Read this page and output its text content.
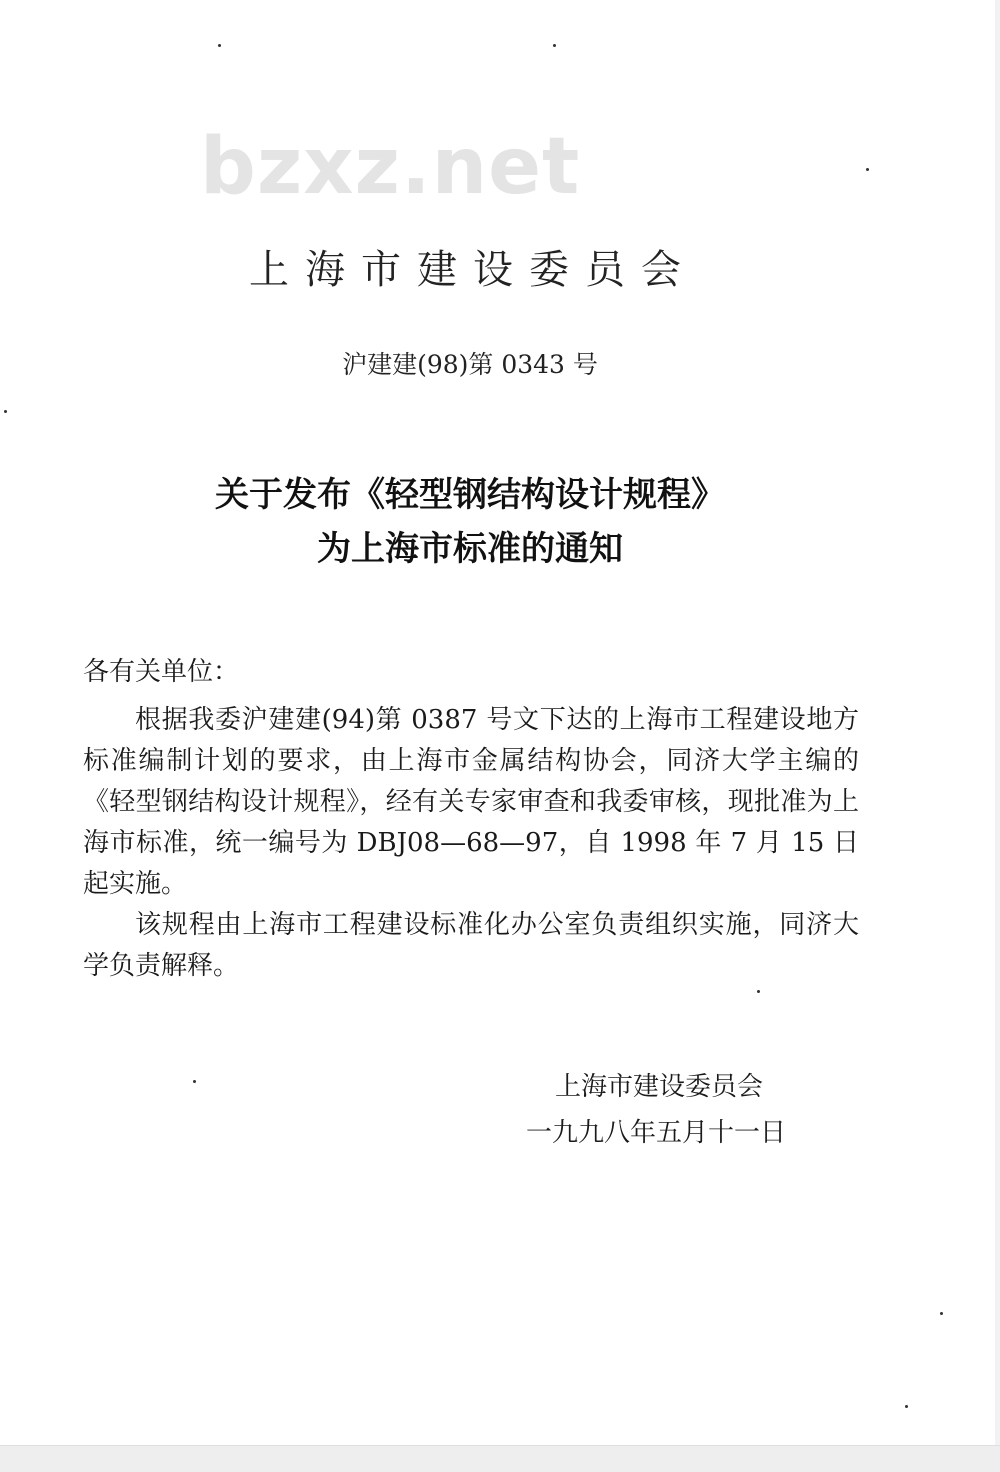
bzxz.net
上海市建设委员会
沪建建(98)第 0343 号
关于发布《轻型钢结构设计规程》
为上海市标准的通知
各有关单位：

根据我委沪建建(94)第 0387 号文下达的上海市工程建设地方标准编制计划的要求，由上海市金属结构协会，同济大学主编的《轻型钢结构设计规程》，经有关专家审查和我委审核，现批准为上海市标准，统一编号为 DBJ08—68—97，自 1998 年 7 月 15 日起实施。

该规程由上海市工程建设标准化办公室负责组织实施，同济大学负责解释。

上海市建设委员会
一九九八年五月十一日
